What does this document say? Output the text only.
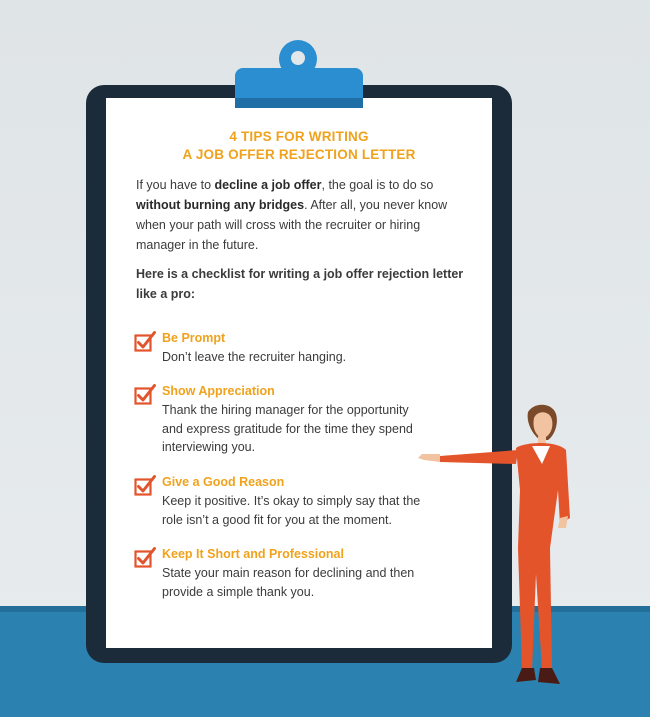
4 TIPS FOR WRITING
A JOB OFFER REJECTION LETTER
If you have to decline a job offer, the goal is to do so without burning any bridges. After all, you never know when your path will cross with the recruiter or hiring manager in the future.
Here is a checklist for writing a job offer rejection letter like a pro:
Be Prompt
Don’t leave the recruiter hanging.
Show Appreciation
Thank the hiring manager for the opportunity and express gratitude for the time they spend interviewing you.
Give a Good Reason
Keep it positive. It’s okay to simply say that the role isn’t a good fit for you at the moment.
Keep It Short and Professional
State your main reason for declining and then provide a simple thank you.
